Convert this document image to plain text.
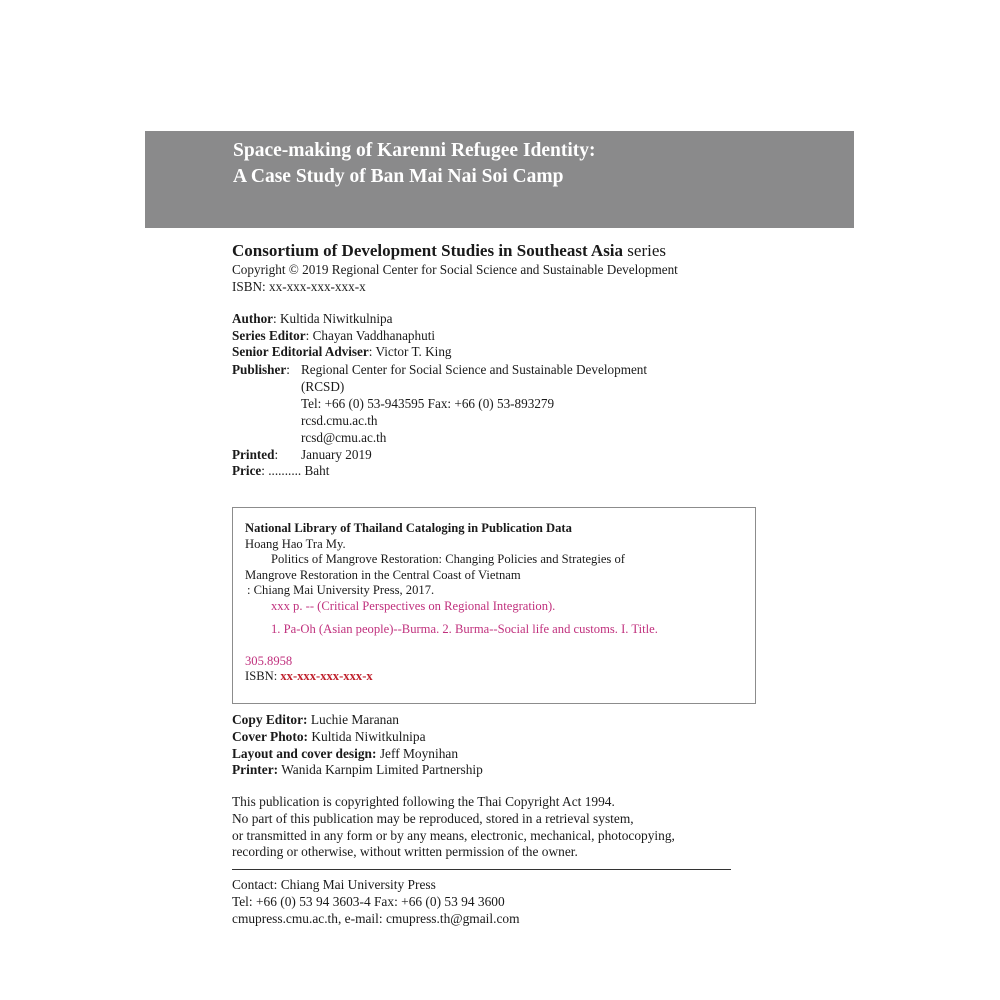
Space-making of Karenni Refugee Identity:
A Case Study of Ban Mai Nai Soi Camp
Consortium of Development Studies in Southeast Asia series
Copyright © 2019 Regional Center for Social Science and Sustainable Development
ISBN: xx-xxx-xxx-xxx-x
Author: Kultida Niwitkulnipa
Series Editor: Chayan Vaddhanaphuti
Senior Editorial Adviser: Victor T. King
Publisher: Regional Center for Social Science and Sustainable Development
(RCSD)
Tel: +66 (0) 53-943595 Fax: +66 (0) 53-893279
rcsd.cmu.ac.th
rcsd@cmu.ac.th
Printed:	January 2019
Price: .......... Baht
National Library of Thailand Cataloging in Publication Data
Hoang Hao Tra My.
Politics of Mangrove Restoration: Changing Policies and Strategies of
Mangrove Restoration in the Central Coast of Vietnam
: Chiang Mai University Press, 2017.
xxx p. -- (Critical Perspectives on Regional Integration).
1. Pa-Oh (Asian people)--Burma. 2. Burma--Social life and customs. I. Title.
305.8958
ISBN: xx-xxx-xxx-xxx-x
Copy Editor: Luchie Maranan
Cover Photo: Kultida Niwitkulnipa
Layout and cover design: Jeff Moynihan
Printer: Wanida Karnpim Limited Partnership
This publication is copyrighted following the Thai Copyright Act 1994.
No part of this publication may be reproduced, stored in a retrieval system,
or transmitted in any form or by any means, electronic, mechanical, photocopying,
recording or otherwise, without written permission of the owner.
Contact: Chiang Mai University Press
Tel: +66 (0) 53 94 3603-4 Fax: +66 (0) 53 94 3600
cmupress.cmu.ac.th, e-mail: cmupress.th@gmail.com
